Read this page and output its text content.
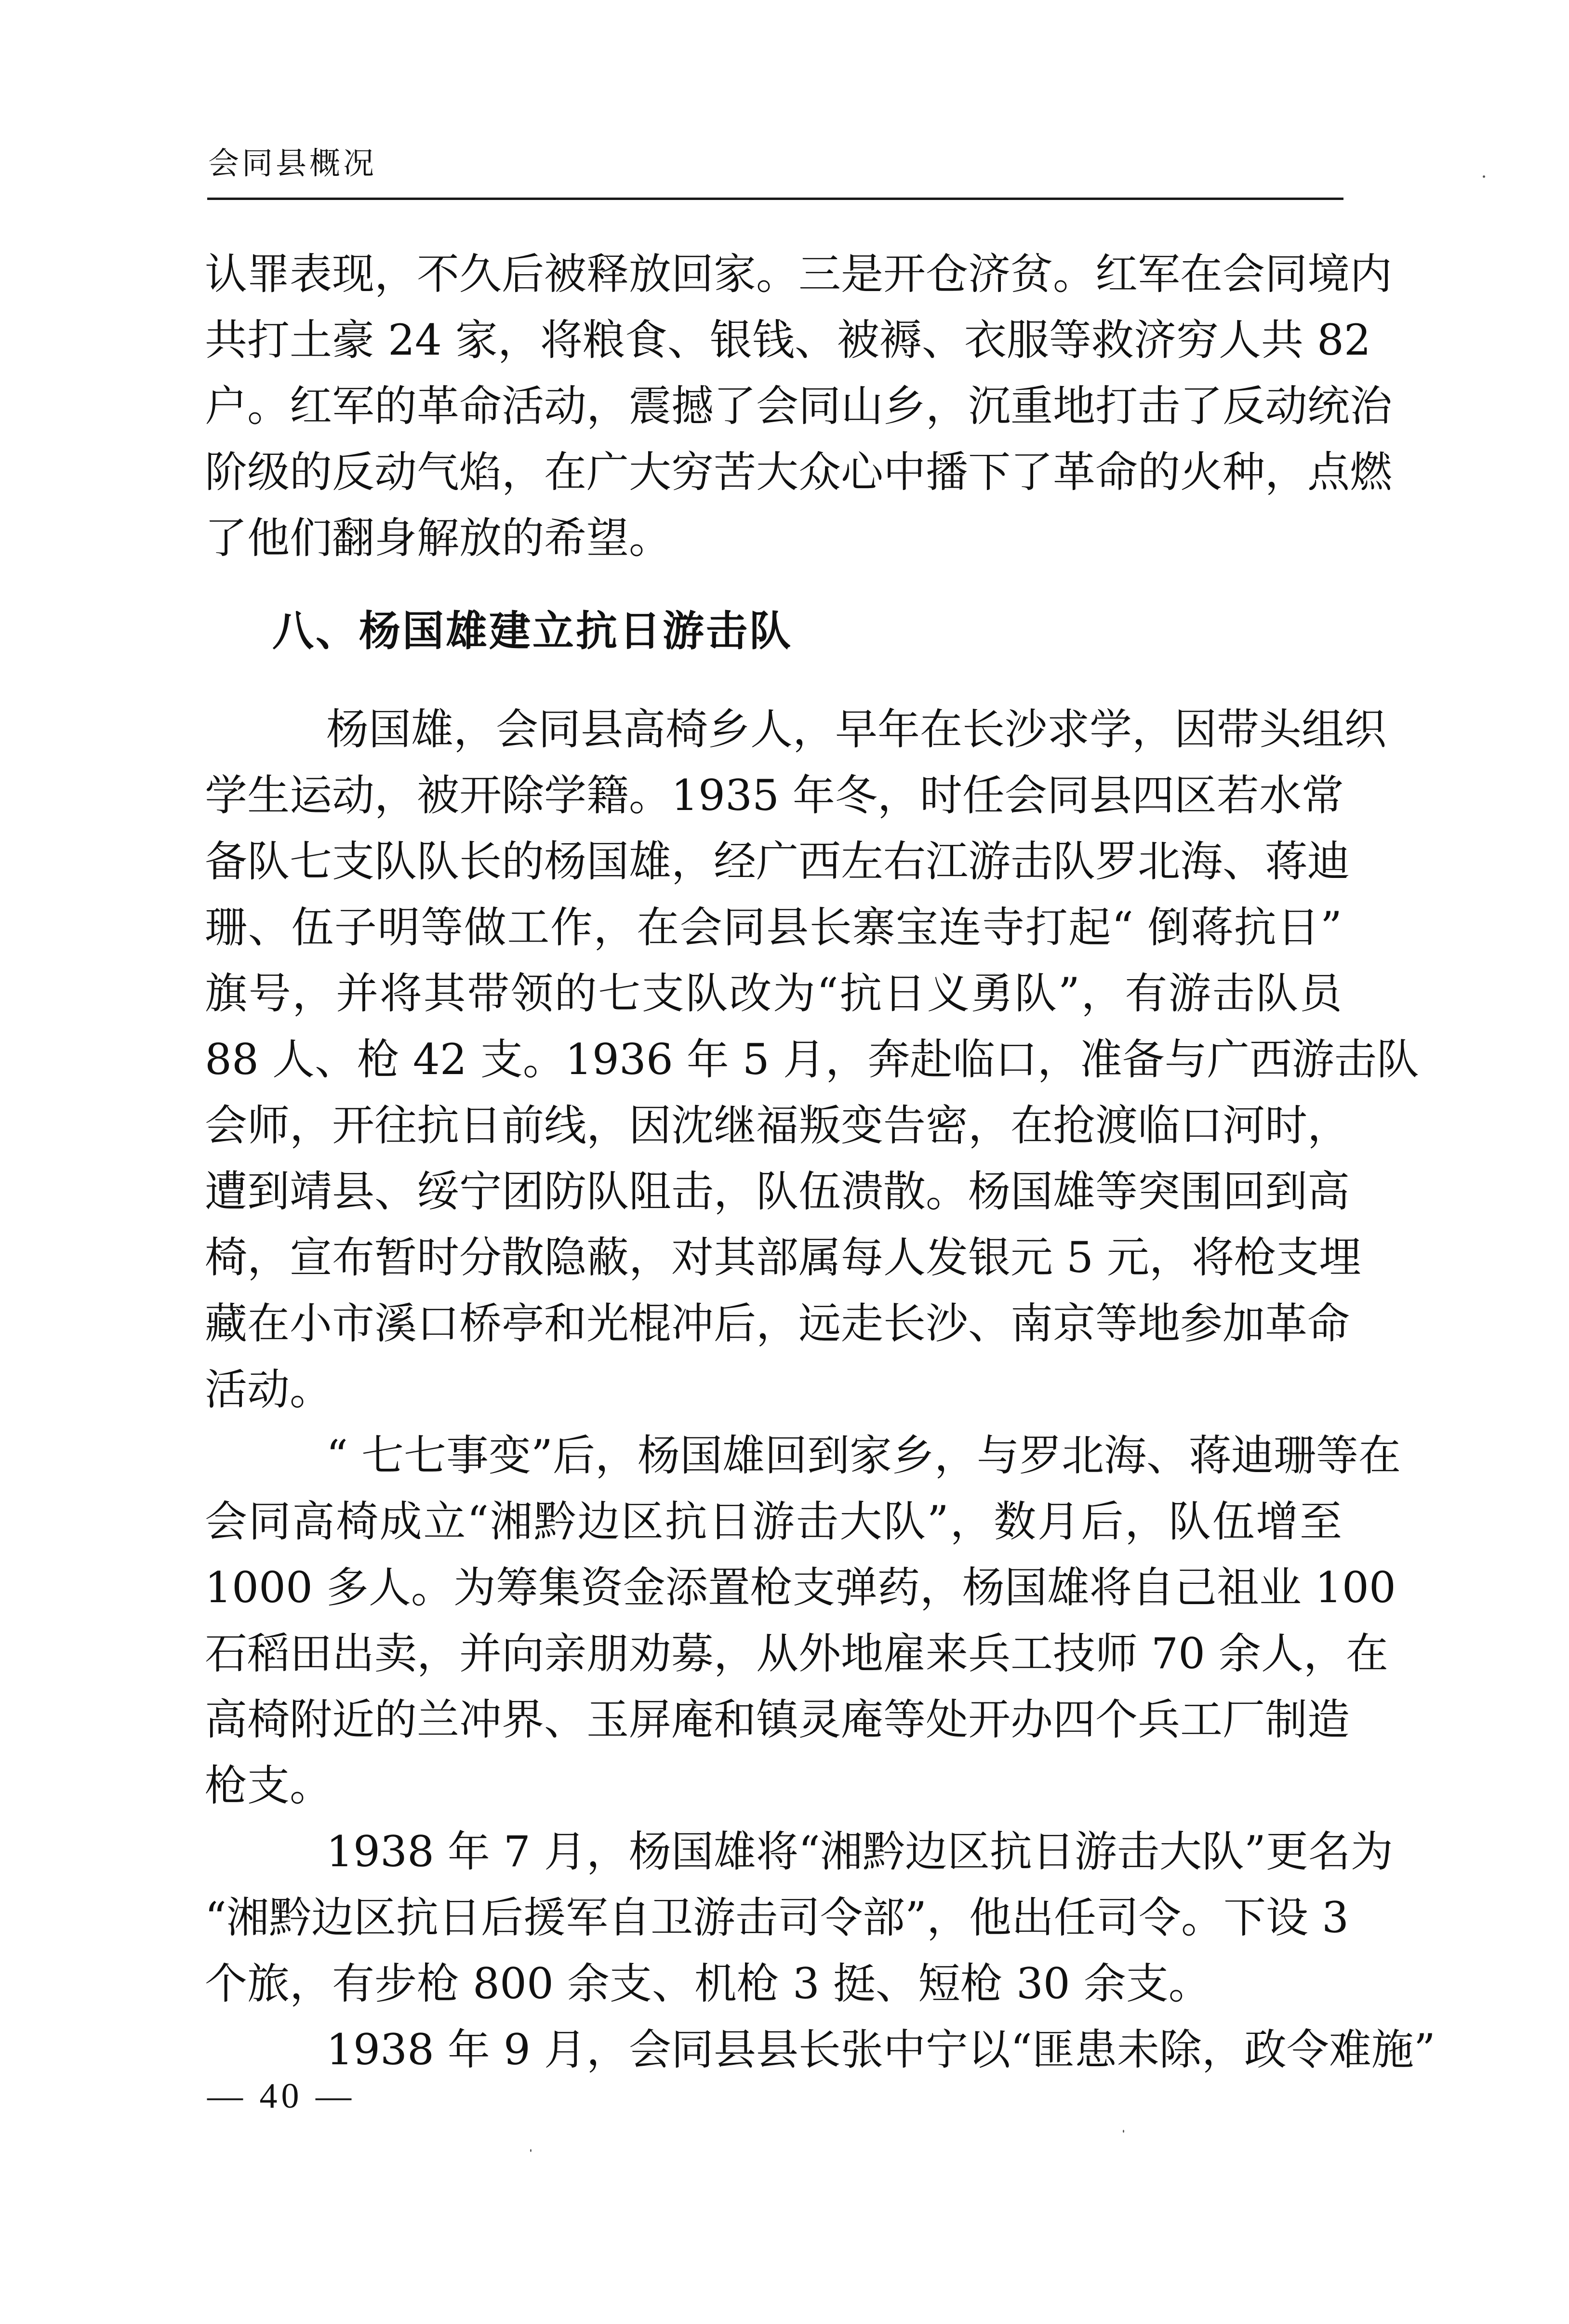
会同县概况
认罪表现，不久后被释放回家。三是开仓济贫。红军在会同境内
共打土豪 24 家，将粮食、银钱、被褥、衣服等救济穷人共 82
户。红军的革命活动，震撼了会同山乡，沉重地打击了反动统治
阶级的反动气焰，在广大穷苦大众心中播下了革命的火种，点燃
了他们翻身解放的希望。
八、杨国雄建立抗日游击队
杨国雄，会同县高椅乡人，早年在长沙求学，因带头组织
学生运动，被开除学籍。1935 年冬，时任会同县四区若水常
备队七支队队长的杨国雄，经广西左右江游击队罗北海、蒋迪
珊、伍子明等做工作，在会同县长寨宝连寺打起“ 倒蒋抗日”
旗号，并将其带领的七支队改为“抗日义勇队”，有游击队员
88 人、枪 42 支。1936 年 5 月，奔赴临口，准备与广西游击队
会师，开往抗日前线，因沈继福叛变告密，在抢渡临口河时，
遭到靖县、绥宁团防队阻击，队伍溃散。杨国雄等突围回到高
椅，宣布暂时分散隐蔽，对其部属每人发银元 5 元，将枪支埋
藏在小市溪口桥亭和光棍冲后，远走长沙、南京等地参加革命
活动。
“ 七七事变”后，杨国雄回到家乡，与罗北海、蒋迪珊等在
会同高椅成立“湘黔边区抗日游击大队”，数月后，队伍增至
1000 多人。为筹集资金添置枪支弹药，杨国雄将自己祖业 100
石稻田出卖，并向亲朋劝募，从外地雇来兵工技师 70 余人，在
高椅附近的兰冲界、玉屏庵和镇灵庵等处开办四个兵工厂制造
枪支。
1938 年 7 月，杨国雄将“湘黔边区抗日游击大队”更名为
“湘黔边区抗日后援军自卫游击司令部”，他出任司令。下设 3
个旅，有步枪 800 余支、机枪 3 挺、短枪 30 余支。
1938 年 9 月，会同县县长张中宁以“匪患未除，政令难施”
— 40 —
